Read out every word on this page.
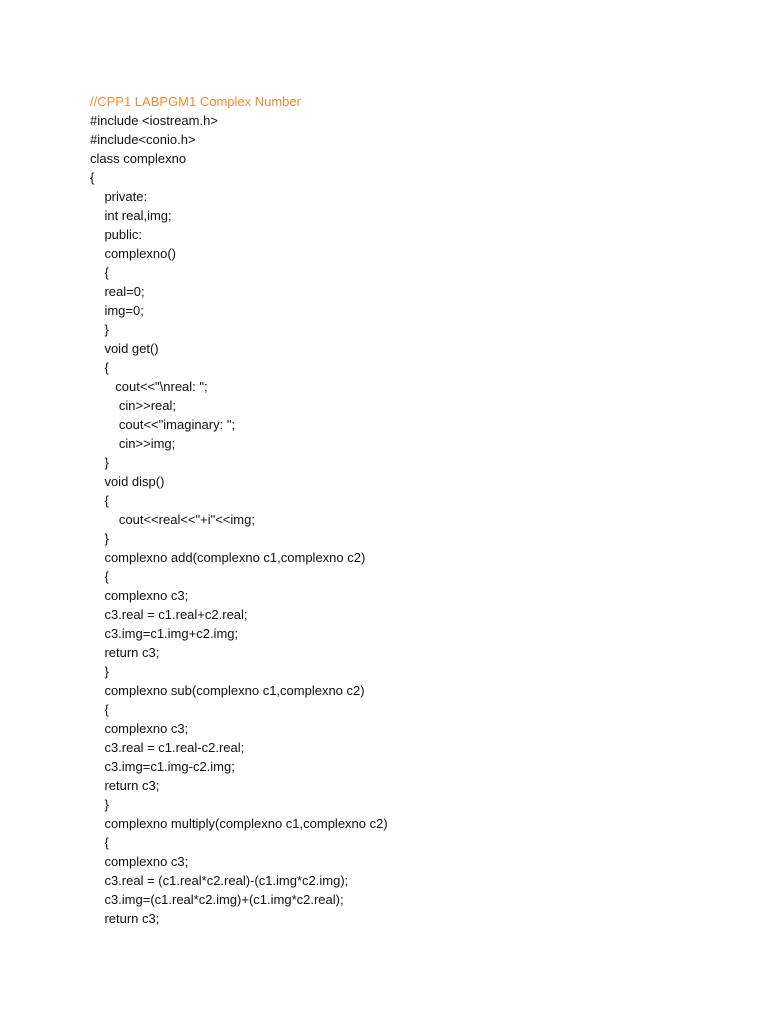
//CPP1 LABPGM1 Complex Number
#include <iostream.h>
#include<conio.h>
class complexno
{
private:
int real,img;
public:
complexno()
{
real=0;
img=0;
}
void get()
{
cout<<"\nreal: ";
cin>>real;
cout<<"imaginary: ";
cin>>img;
}
void disp()
{
cout<<real<<"+i"<<img;
}
complexno add(complexno c1,complexno c2)
{
complexno c3;
c3.real = c1.real+c2.real;
c3.img=c1.img+c2.img;
return c3;
}
complexno sub(complexno c1,complexno c2)
{
complexno c3;
c3.real = c1.real-c2.real;
c3.img=c1.img-c2.img;
return c3;
}
complexno multiply(complexno c1,complexno c2)
{
complexno c3;
c3.real = (c1.real*c2.real)-(c1.img*c2.img);
c3.img=(c1.real*c2.img)+(c1.img*c2.real);
return c3;
